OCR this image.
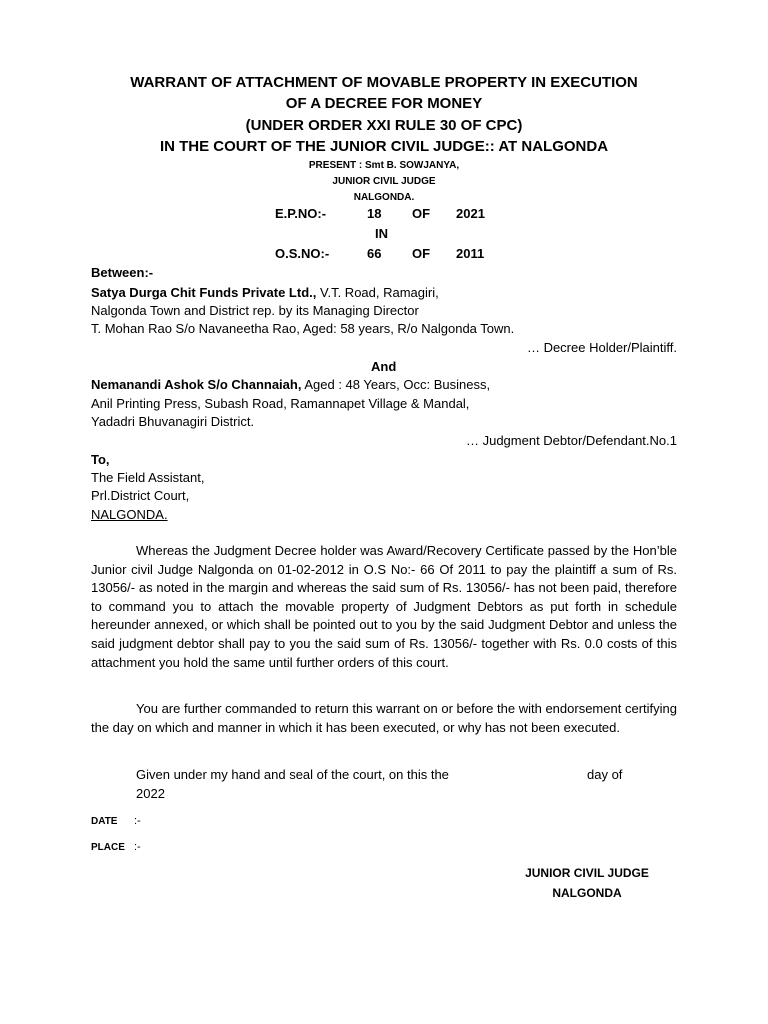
WARRANT OF ATTACHMENT OF MOVABLE PROPERTY IN EXECUTION
OF A DECREE FOR MONEY
(UNDER ORDER XXI RULE 30 OF CPC)
IN THE COURT OF THE JUNIOR CIVIL JUDGE:: AT NALGONDA
PRESENT : Smt B. SOWJANYA,
JUNIOR CIVIL JUDGE
NALGONDA.
E.P.NO:-	18 OF 2021
IN
O.S.NO:-	66 OF 2011
Between:-
Satya Durga Chit Funds Private Ltd., V.T. Road, Ramagiri,
Nalgonda Town and District rep. by its Managing Director
T. Mohan Rao S/o Navaneetha Rao, Aged: 58 years, R/o Nalgonda Town.
… Decree Holder/Plaintiff.
And
Nemanandi Ashok S/o Channaiah, Aged : 48 Years, Occ: Business,
Anil Printing Press, Subash Road, Ramannapet Village & Mandal,
Yadadri Bhuvanagiri District.
… Judgment Debtor/Defendant.No.1
To,
The Field Assistant,
Prl.District Court,
NALGONDA.

Whereas the Judgment Decree holder was Award/Recovery Certificate passed by the Hon’ble Junior civil Judge Nalgonda on 01-02-2012 in O.S No:- 66 Of 2011 to pay the plaintiff a sum of Rs. 13056/- as noted in the margin and whereas the said sum of Rs. 13056/- has not been paid, therefore to command you to attach the movable property of Judgment Debtors as put forth in schedule hereunder annexed, or which shall be pointed out to you by the said Judgment Debtor and unless the said judgment debtor shall pay to you the said sum of Rs. 13056/- together with Rs. 0.0 costs of this attachment you hold the same until further orders of this court.

You are further commanded to return this warrant on or before the with endorsement certifying the day on which and manner in which it has been executed, or why has not been executed.

Given under my hand and seal of the court, on this the	day of
2022
DATE :-
PLACE :-
JUNIOR CIVIL JUDGE
NALGONDA
